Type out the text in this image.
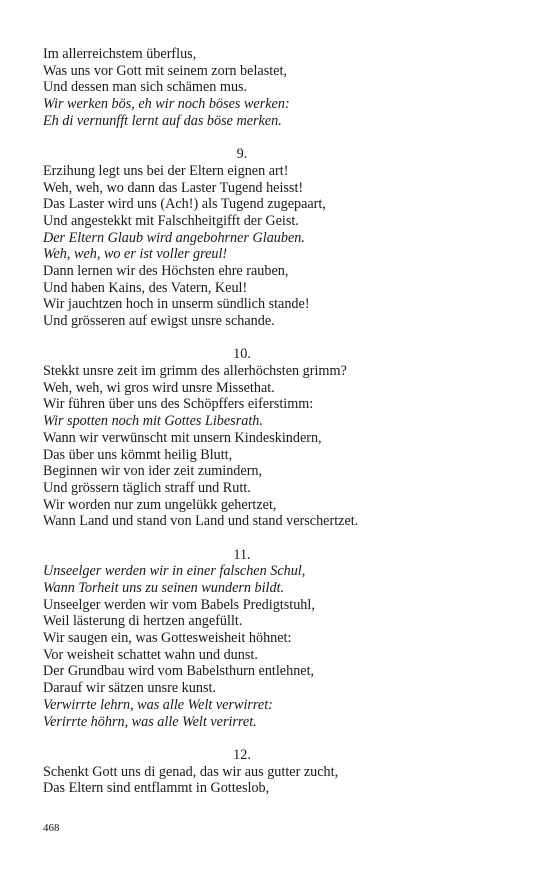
Im allerreichstem überflus,
Was uns vor Gott mit seinem zorn belastet,
Und dessen man sich schämen mus.
Wir werken bös, eh wir noch böses werken:
Eh di vernunfft lernt auf das böse merken.
9.
Erzihung legt uns bei der Eltern eignen art!
Weh, weh, wo dann das Laster Tugend heisst!
Das Laster wird uns (Ach!) als Tugend zugepaart,
Und angestekkt mit Falschheitgifft der Geist.
Der Eltern Glaub wird angebohrner Glauben.
Weh, weh, wo er ist voller greul!
Dann lernen wir des Höchsten ehre rauben,
Und haben Kains, des Vatern, Keul!
Wir jauchtzen hoch in unserm sündlich stande!
Und grösseren auf ewigst unsre schande.
10.
Stekkt unsre zeit im grimm des allerhöchsten grimm?
Weh, weh, wi gros wird unsre Missethat.
Wir führen über uns des Schöpffers eiferstimm:
Wir spotten noch mit Gottes Libesrath.
Wann wir verwünscht mit unsern Kindeskindern,
Das über uns kömmt heilig Blutt,
Beginnen wir von ider zeit zumindern,
Und grössern täglich straff und Rutt.
Wir worden nur zum ungelükk gehertzet,
Wann Land und stand von Land und stand verschertzet.
11.
Unseelger werden wir in einer falschen Schul,
Wann Torheit uns zu seinen wundern bildt.
Unseelger werden wir vom Babels Predigtstuhl,
Weil lästerung di hertzen angefüllt.
Wir saugen ein, was Gottesweisheit höhnet:
Vor weisheit schattet wahn und dunst.
Der Grundbau wird vom Babelsthurn entlehnet,
Darauf wir sätzen unsre kunst.
Verwirrte lehrn, was alle Welt verwirret:
Verirrte höhrn, was alle Welt verirret.
12.
Schenkt Gott uns di genad, das wir aus gutter zucht,
Das Eltern sind entflammt in Gotteslob,
468
